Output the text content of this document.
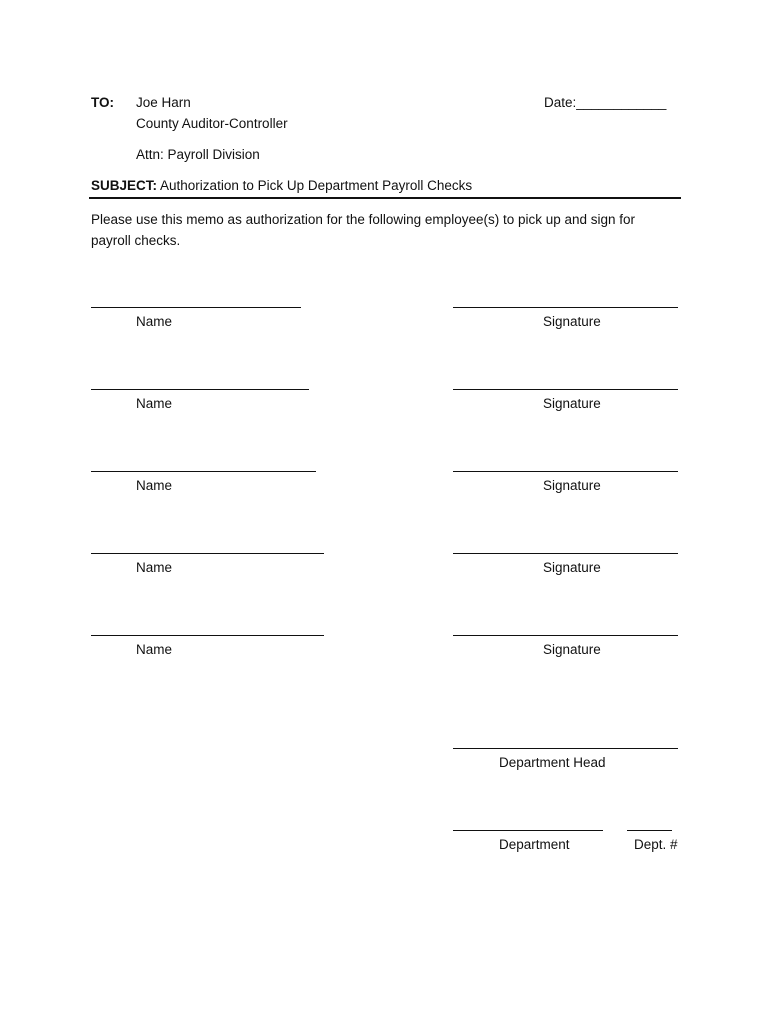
TO: Joe Harn
County Auditor-Controller
Attn: Payroll Division
Date:____________
SUBJECT: Authorization to Pick Up Department Payroll Checks
Please use this memo as authorization for the following employee(s) to pick up and sign for payroll checks.
Name	Signature
Name	Signature
Name	Signature
Name	Signature
Name	Signature
Department Head
Department	Dept. #
